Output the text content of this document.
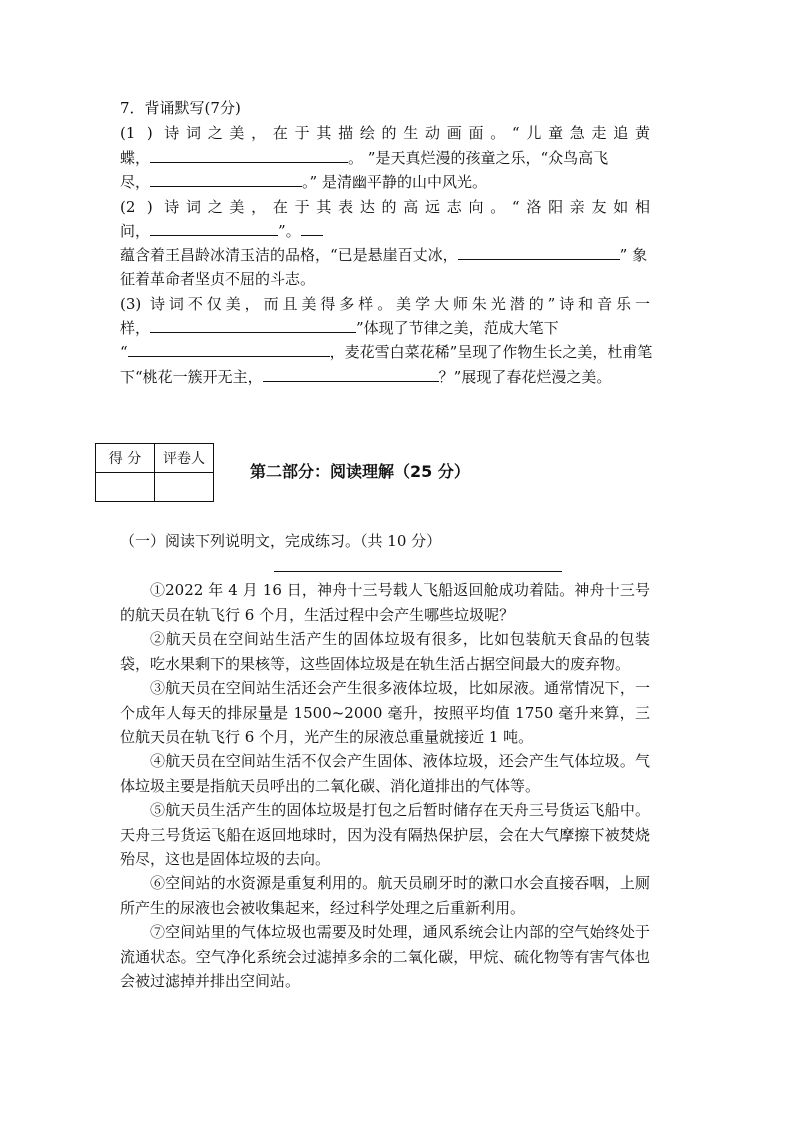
7．背诵默写(7分)
(1 ) 诗词之美，在于其描绘的生动画面。“儿童急走追黄
蝶，	。 ”是天真烂漫的孩童之乐，“众鸟高飞
尽，	。” 是清幽平静的山中风光。
(2 ) 诗词之美，在于其表达的高远志向。“洛阳亲友如相
问，	”。
蕴含着王昌龄冰清玉洁的品格，“已是悬崖百丈冰，	” 象
征着革命者坚贞不屈的斗志。
(3) 诗词不仅美，而且美得多样。美学大师朱光潜的”诗和音乐一
样，	”体现了节律之美，范成大笔下
“	，麦花雪白菜花稀”呈现了作物生长之美，杜甫笔
下“桃花一簇开无主，	？”展现了春花烂漫之美。
得 分	评卷人

第二部分：阅读理解（25 分）
（一）阅读下列说明文，完成练习。（共 10 分）
①2022 年 4 月 16 日，神舟十三号载人飞船返回舱成功着陆。神舟十三号的航天员在轨飞行 6 个月，生活过程中会产生哪些垃圾呢？
②航天员在空间站生活产生的固体垃圾有很多，比如包装航天食品的包装袋，吃水果剩下的果核等，这些固体垃圾是在轨生活占据空间最大的废弃物。
③航天员在空间站生活还会产生很多液体垃圾，比如尿液。通常情况下，一个成年人每天的排尿量是 1500~2000 毫升，按照平均值 1750 毫升来算，三位航天员在轨飞行 6 个月，光产生的尿液总重量就接近 1 吨。
④航天员在空间站生活不仅会产生固体、液体垃圾，还会产生气体垃圾。气体垃圾主要是指航天员呼出的二氧化碳、消化道排出的气体等。
⑤航天员生活产生的固体垃圾是打包之后暂时储存在天舟三号货运飞船中。天舟三号货运飞船在返回地球时，因为没有隔热保护层，会在大气摩擦下被焚烧殆尽，这也是固体垃圾的去向。
⑥空间站的水资源是重复利用的。航天员刷牙时的漱口水会直接吞咽，上厕所产生的尿液也会被收集起来，经过科学处理之后重新利用。
⑦空间站里的气体垃圾也需要及时处理，通风系统会让内部的空气始终处于流通状态。空气净化系统会过滤掉多余的二氧化碳，甲烷、硫化物等有害气体也会被过滤掉并排出空间站。
